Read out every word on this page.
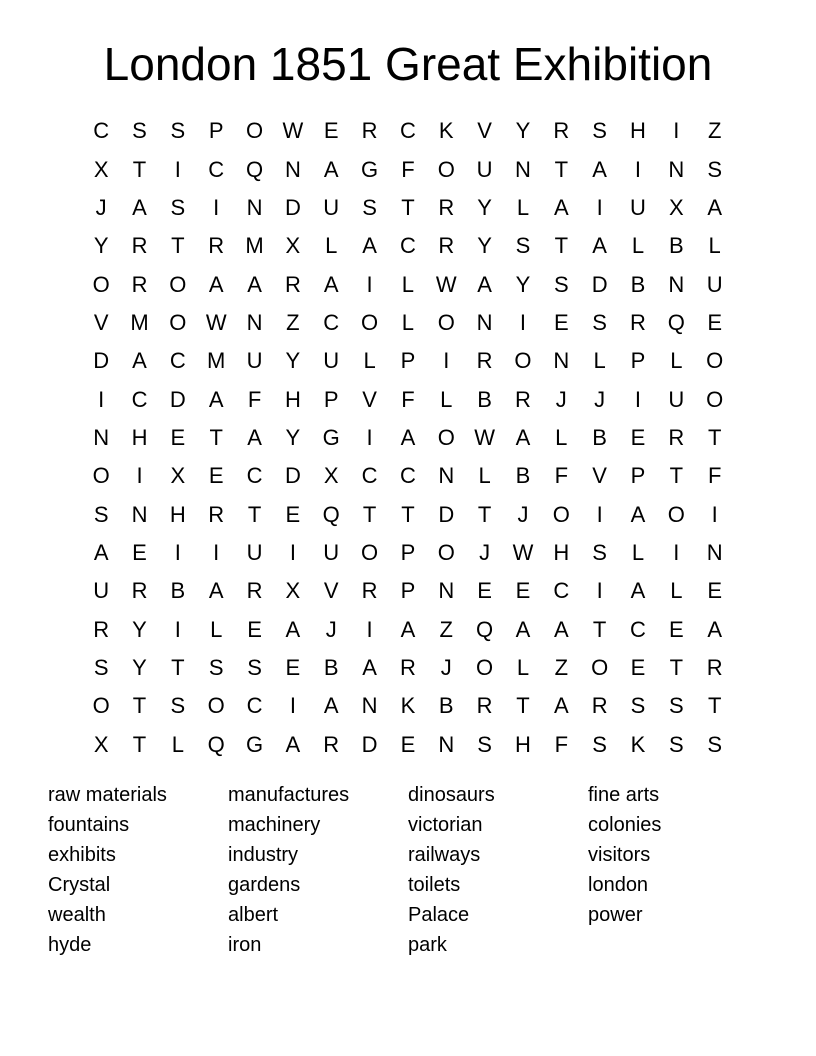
London 1851 Great Exhibition
C	S	S	P	O W E	R	C	K	V	Y	R	S	H	I	Z
X	T	I	C Q N	A	G	F	O U	N	T	A	I	N	S
J	A	S	I	N	D	U	S	T	R	Y	L	A	I	U	X	A
Y	R	T	R M X	L	A	C	R	Y	S	T	A	L	B	L
O R O	A	A	R	A	I	L W A	Y	S	D	B	N	U
V M O W N	Z	C O	L	O N	I	E	S	R Q	E
D	A	C M U	Y	U	L	P	I	R O N	L	P	L	O
I	C	D	A	F	H	P	V	F	L	B	R	J	J	I	U O
N	H	E	T	A	Y	G	I	A	O W A	L	B	E	R	T
O	I	X	E	C	D	X	C	C	N	L	B	F	V	P	T	F
S	N	H	R	T	E	Q	T	T	D	T	J	O	I	A	O	I
A	E	I	I	U	I	U O	P	O	J	W H	S	L	I	N
U	R	B	A	R	X	V	R	P	N	E	E	C	I	A	L	E
R	Y	I	L	E	A	J	I	A	Z	Q	A	A	T	C	E	A
S	Y	T	S	S	E	B	A	R	J	O	L	Z	O	E	T	R
O	T	S	O C	I	A	N	K	B	R	T	A	R	S	S	T
X	T	L	Q G	A	R	D	E	N	S	H	F	S	K	S	S
raw materials
fountains
exhibits
Crystal
wealth
hyde
manufactures
machinery
industry
gardens
albert
iron
dinosaurs
victorian
railways
toilets
Palace
park
fine arts
colonies
visitors
london
power
